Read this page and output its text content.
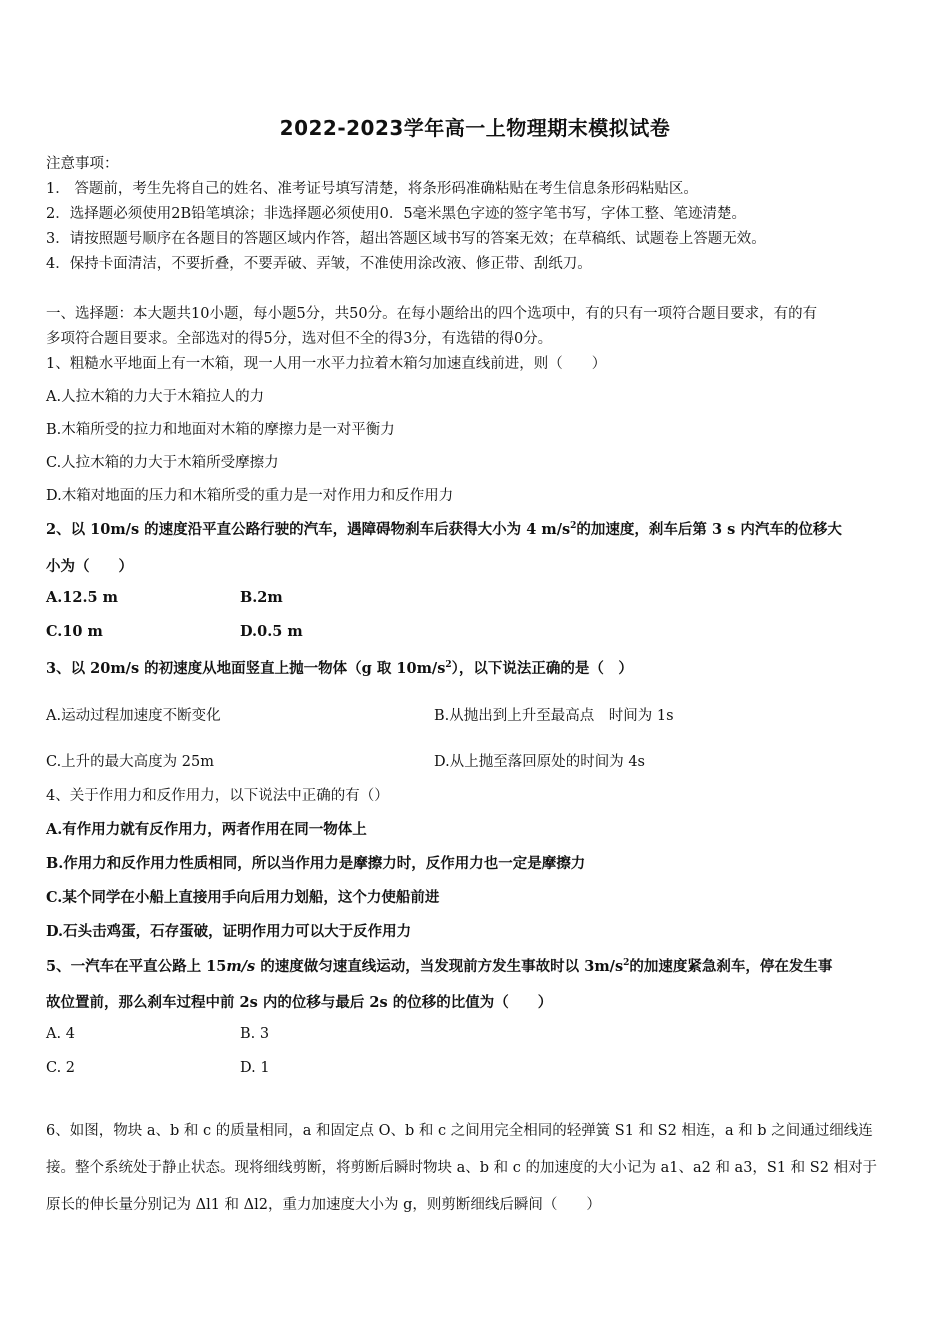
2022-2023学年高一上物理期末模拟试卷
注意事项：
1． 答题前，考生先将自己的姓名、准考证号填写清楚，将条形码准确粘贴在考生信息条形码粘贴区。
2．选择题必须使用2B铅笔填涂；非选择题必须使用0．5毫米黑色字迹的签字笔书写，字体工整、笔迹清楚。
3．请按照题号顺序在各题目的答题区域内作答，超出答题区域书写的答案无效；在草稿纸、试题卷上答题无效。
4．保持卡面清洁，不要折叠，不要弄破、弄皱，不准使用涂改液、修正带、刮纸刀。
一、选择题：本大题共10小题，每小题5分，共50分。在每小题给出的四个选项中，有的只有一项符合题目要求，有的有
多项符合题目要求。全部选对的得5分，选对但不全的得3分，有选错的得0分。
1、粗糙水平地面上有一木箱，现一人用一水平力拉着木箱匀加速直线前进，则（　　）
A.人拉木箱的力大于木箱拉人的力
B.木箱所受的拉力和地面对木箱的摩擦力是一对平衡力
C.人拉木箱的力大于木箱所受摩擦力
D.木箱对地面的压力和木箱所受的重力是一对作用力和反作用力
2、以 10m/s 的速度沿平直公路行驶的汽车，遇障碍物刹车后获得大小为 4 $m/s^2$的加速度，刹车后第 3 s 内汽车的位移大
小为（　　）
A.12.5 m	B.2m
C.10 m	D.0.5 m
3、以 20m/s 的初速度从地面竖直上抛一物体（g 取 $10m/s^2$），以下说法正确的是（　）
A.运动过程加速度不断变化	B.从抛出到上升至最高点　时间为 1s
C.上升的最大高度为 25m	D.从上抛至落回原处的时间为 4s
4、关于作用力和反作用力，以下说法中正确的有（）
A.有作用力就有反作用力，两者作用在同一物体上
B.作用力和反作用力性质相同，所以当作用力是摩擦力时，反作用力也一定是摩擦力
C.某个同学在小船上直接用手向后用力划船，这个力使船前进
D.石头击鸡蛋，石存蛋破，证明作用力可以大于反作用力
5、一汽车在平直公路上 15m/s 的速度做匀速直线运动，当发现前方发生事故时以 $3m/s^2$的加速度紧急刹车，停在发生事
故位置前，那么刹车过程中前 2s 内的位移与最后 2s 的位移的比值为（　　）
A. 4	B. 3
C. 2	D. 1
6、如图，物块 a、b 和 c 的质量相同，a 和固定点 O、b 和 c 之间用完全相同的轻弹簧 S1 和 S2 相连，a 和 b 之间通过细线连
接。整个系统处于静止状态。现将细线剪断，将剪断后瞬时物块 a、b 和 c 的加速度的大小记为 a1、a2 和 a3，S1 和 S2 相对于
原长的伸长量分别记为 Δl1 和 Δl2，重力加速度大小为 g，则剪断细线后瞬间（　　）
